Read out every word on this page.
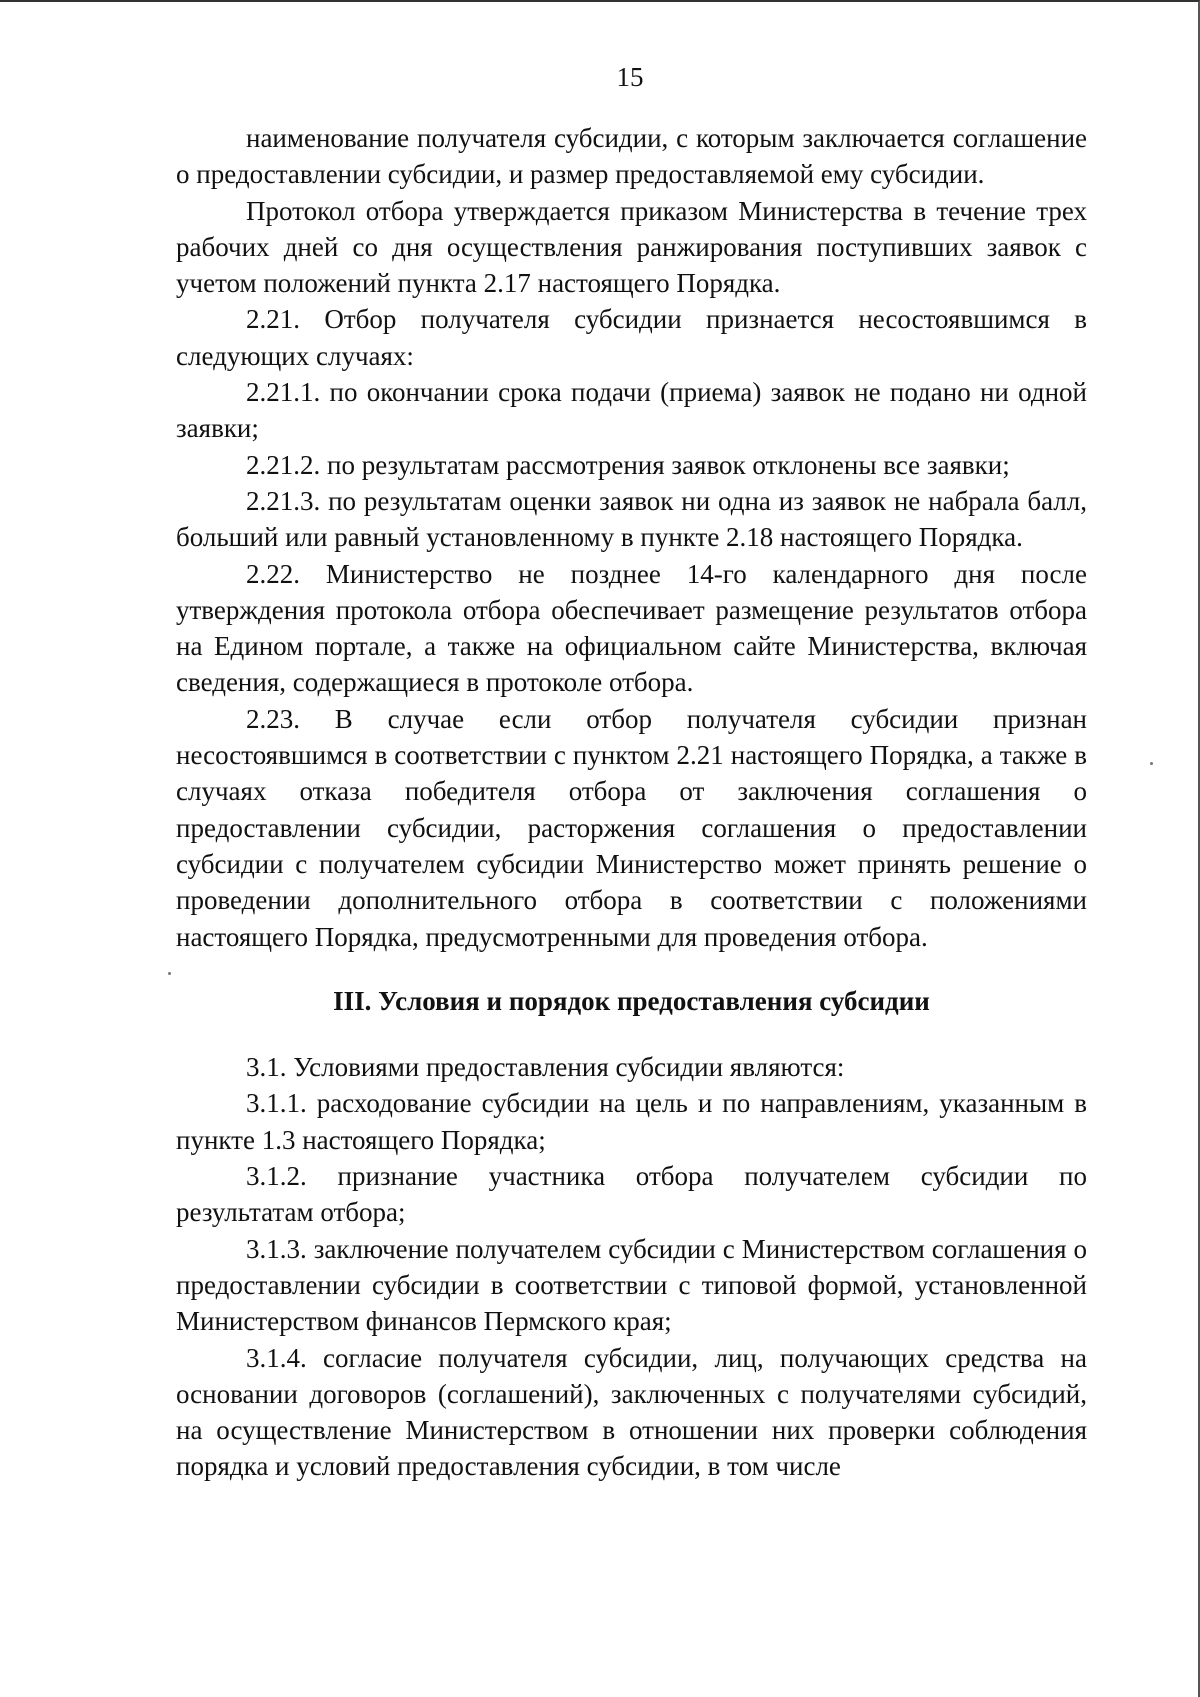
15

наименование получателя субсидии, с которым заключается соглашение о предоставлении субсидии, и размер предоставляемой ему субсидии.

Протокол отбора утверждается приказом Министерства в течение трех рабочих дней со дня осуществления ранжирования поступивших заявок с учетом положений пункта 2.17 настоящего Порядка.

2.21. Отбор получателя субсидии признается несостоявшимся в следующих случаях:

2.21.1. по окончании срока подачи (приема) заявок не подано ни одной заявки;

2.21.2. по результатам рассмотрения заявок отклонены все заявки;

2.21.3. по результатам оценки заявок ни одна из заявок не набрала балл, больший или равный установленному в пункте 2.18 настоящего Порядка.

2.22. Министерство не позднее 14-го календарного дня после утверждения протокола отбора обеспечивает размещение результатов отбора на Едином портале, а также на официальном сайте Министерства, включая сведения, содержащиеся в протоколе отбора.

2.23. В случае если отбор получателя субсидии признан несостоявшимся в соответствии с пунктом 2.21 настоящего Порядка, а также в случаях отказа победителя отбора от заключения соглашения о предоставлении субсидии, расторжения соглашения о предоставлении субсидии с получателем субсидии Министерство может принять решение о проведении дополнительного отбора в соответствии с положениями настоящего Порядка, предусмотренными для проведения отбора.

III. Условия и порядок предоставления субсидии

3.1. Условиями предоставления субсидии являются:

3.1.1. расходование субсидии на цель и по направлениям, указанным в пункте 1.3 настоящего Порядка;

3.1.2. признание участника отбора получателем субсидии по результатам отбора;

3.1.3. заключение получателем субсидии с Министерством соглашения о предоставлении субсидии в соответствии с типовой формой, установленной Министерством финансов Пермского края;

3.1.4. согласие получателя субсидии, лиц, получающих средства на основании договоров (соглашений), заключенных с получателями субсидий, на осуществление Министерством в отношении них проверки соблюдения порядка и условий предоставления субсидии, в том числе
